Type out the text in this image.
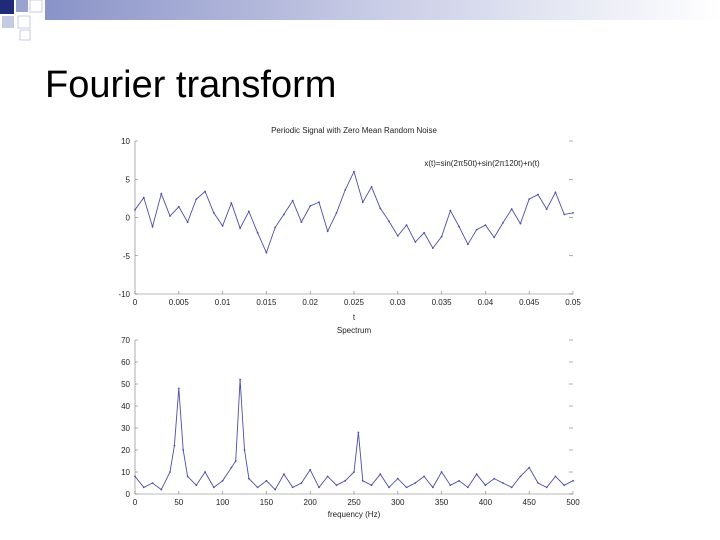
Fourier transform
Periodic Signal with Zero Mean Random Noise
x(t)=sin(2π50t)+sin(2π120t)+n(t)
0	0.005	0.01	0.015	0.02	0.025	0.03	0.035	0.04	0.045	0.05
10
5
0
-5
-10
t
Spectrum
0	50	100	150	200	250	300	350	400	450	500
70
60
50
40
30
20
10
0
frequency (Hz)
